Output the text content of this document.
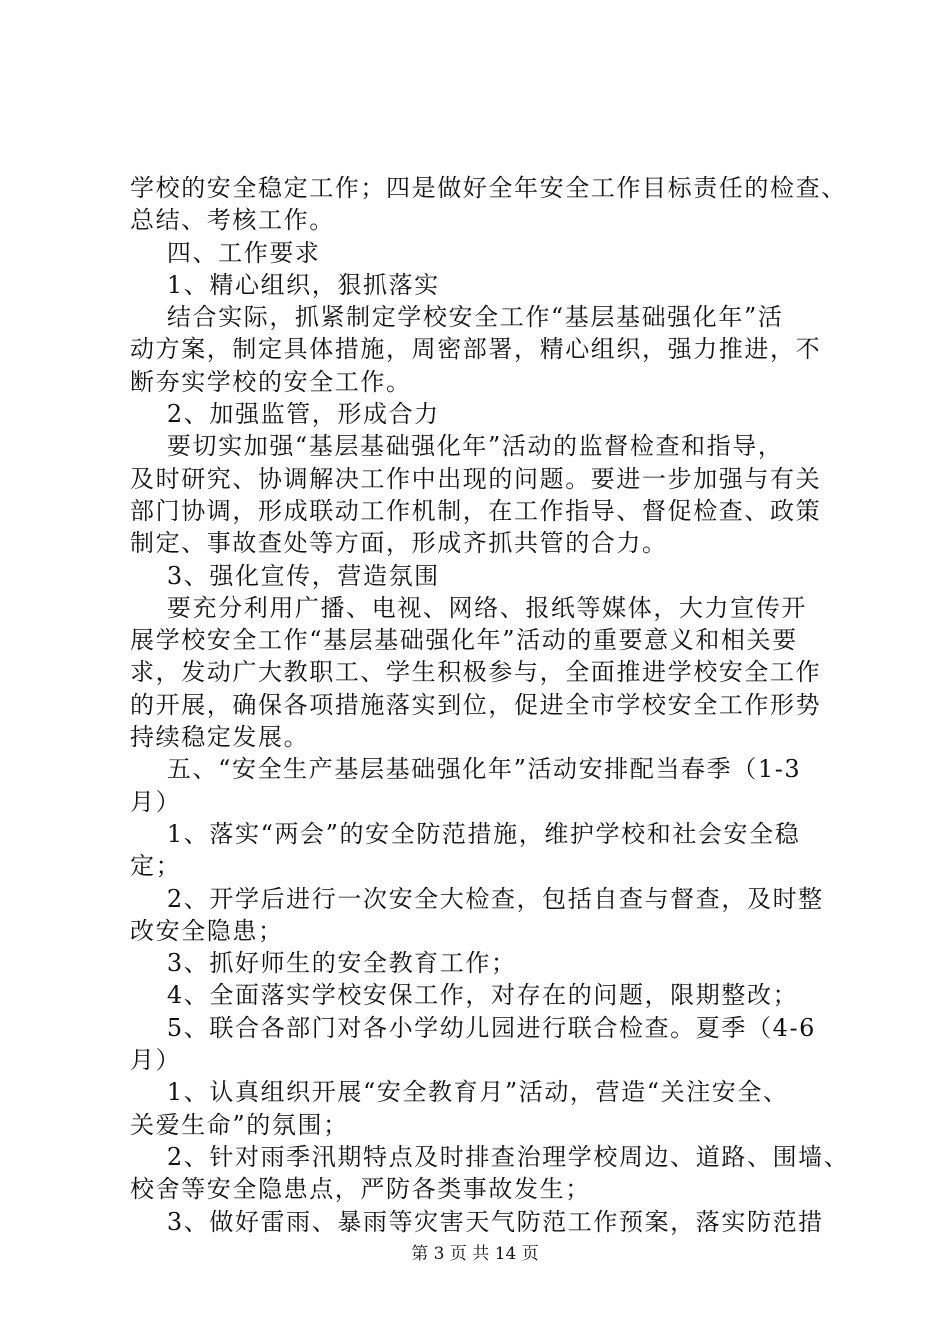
学校的安全稳定工作；四是做好全年安全工作目标责任的检查、
总结、考核工作。
四、工作要求
1、精心组织，狠抓落实
结合实际，抓紧制定学校安全工作“基层基础强化年”活
动方案，制定具体措施，周密部署，精心组织，强力推进，不
断夯实学校的安全工作。
2、加强监管，形成合力
要切实加强“基层基础强化年”活动的监督检查和指导，
及时研究、协调解决工作中出现的问题。要进一步加强与有关
部门协调，形成联动工作机制，在工作指导、督促检查、政策
制定、事故查处等方面，形成齐抓共管的合力。
3、强化宣传，营造氛围
要充分利用广播、电视、网络、报纸等媒体，大力宣传开
展学校安全工作“基层基础强化年”活动的重要意义和相关要
求，发动广大教职工、学生积极参与，全面推进学校安全工作
的开展，确保各项措施落实到位，促进全市学校安全工作形势
持续稳定发展。
五、“安全生产基层基础强化年”活动安排配当春季（1-3
月）
1、落实“两会”的安全防范措施，维护学校和社会安全稳
定；
2、开学后进行一次安全大检查，包括自查与督查，及时整
改安全隐患；
3、抓好师生的安全教育工作；
4、全面落实学校安保工作，对存在的问题，限期整改；
5、联合各部门对各小学幼儿园进行联合检查。夏季（4-6
月）
1、认真组织开展“安全教育月”活动，营造“关注安全、
关爱生命”的氛围；
2、针对雨季汛期特点及时排查治理学校周边、道路、围墙、
校舍等安全隐患点，严防各类事故发生；
3、做好雷雨、暴雨等灾害天气防范工作预案，落实防范措
第 3 页 共 14 页
